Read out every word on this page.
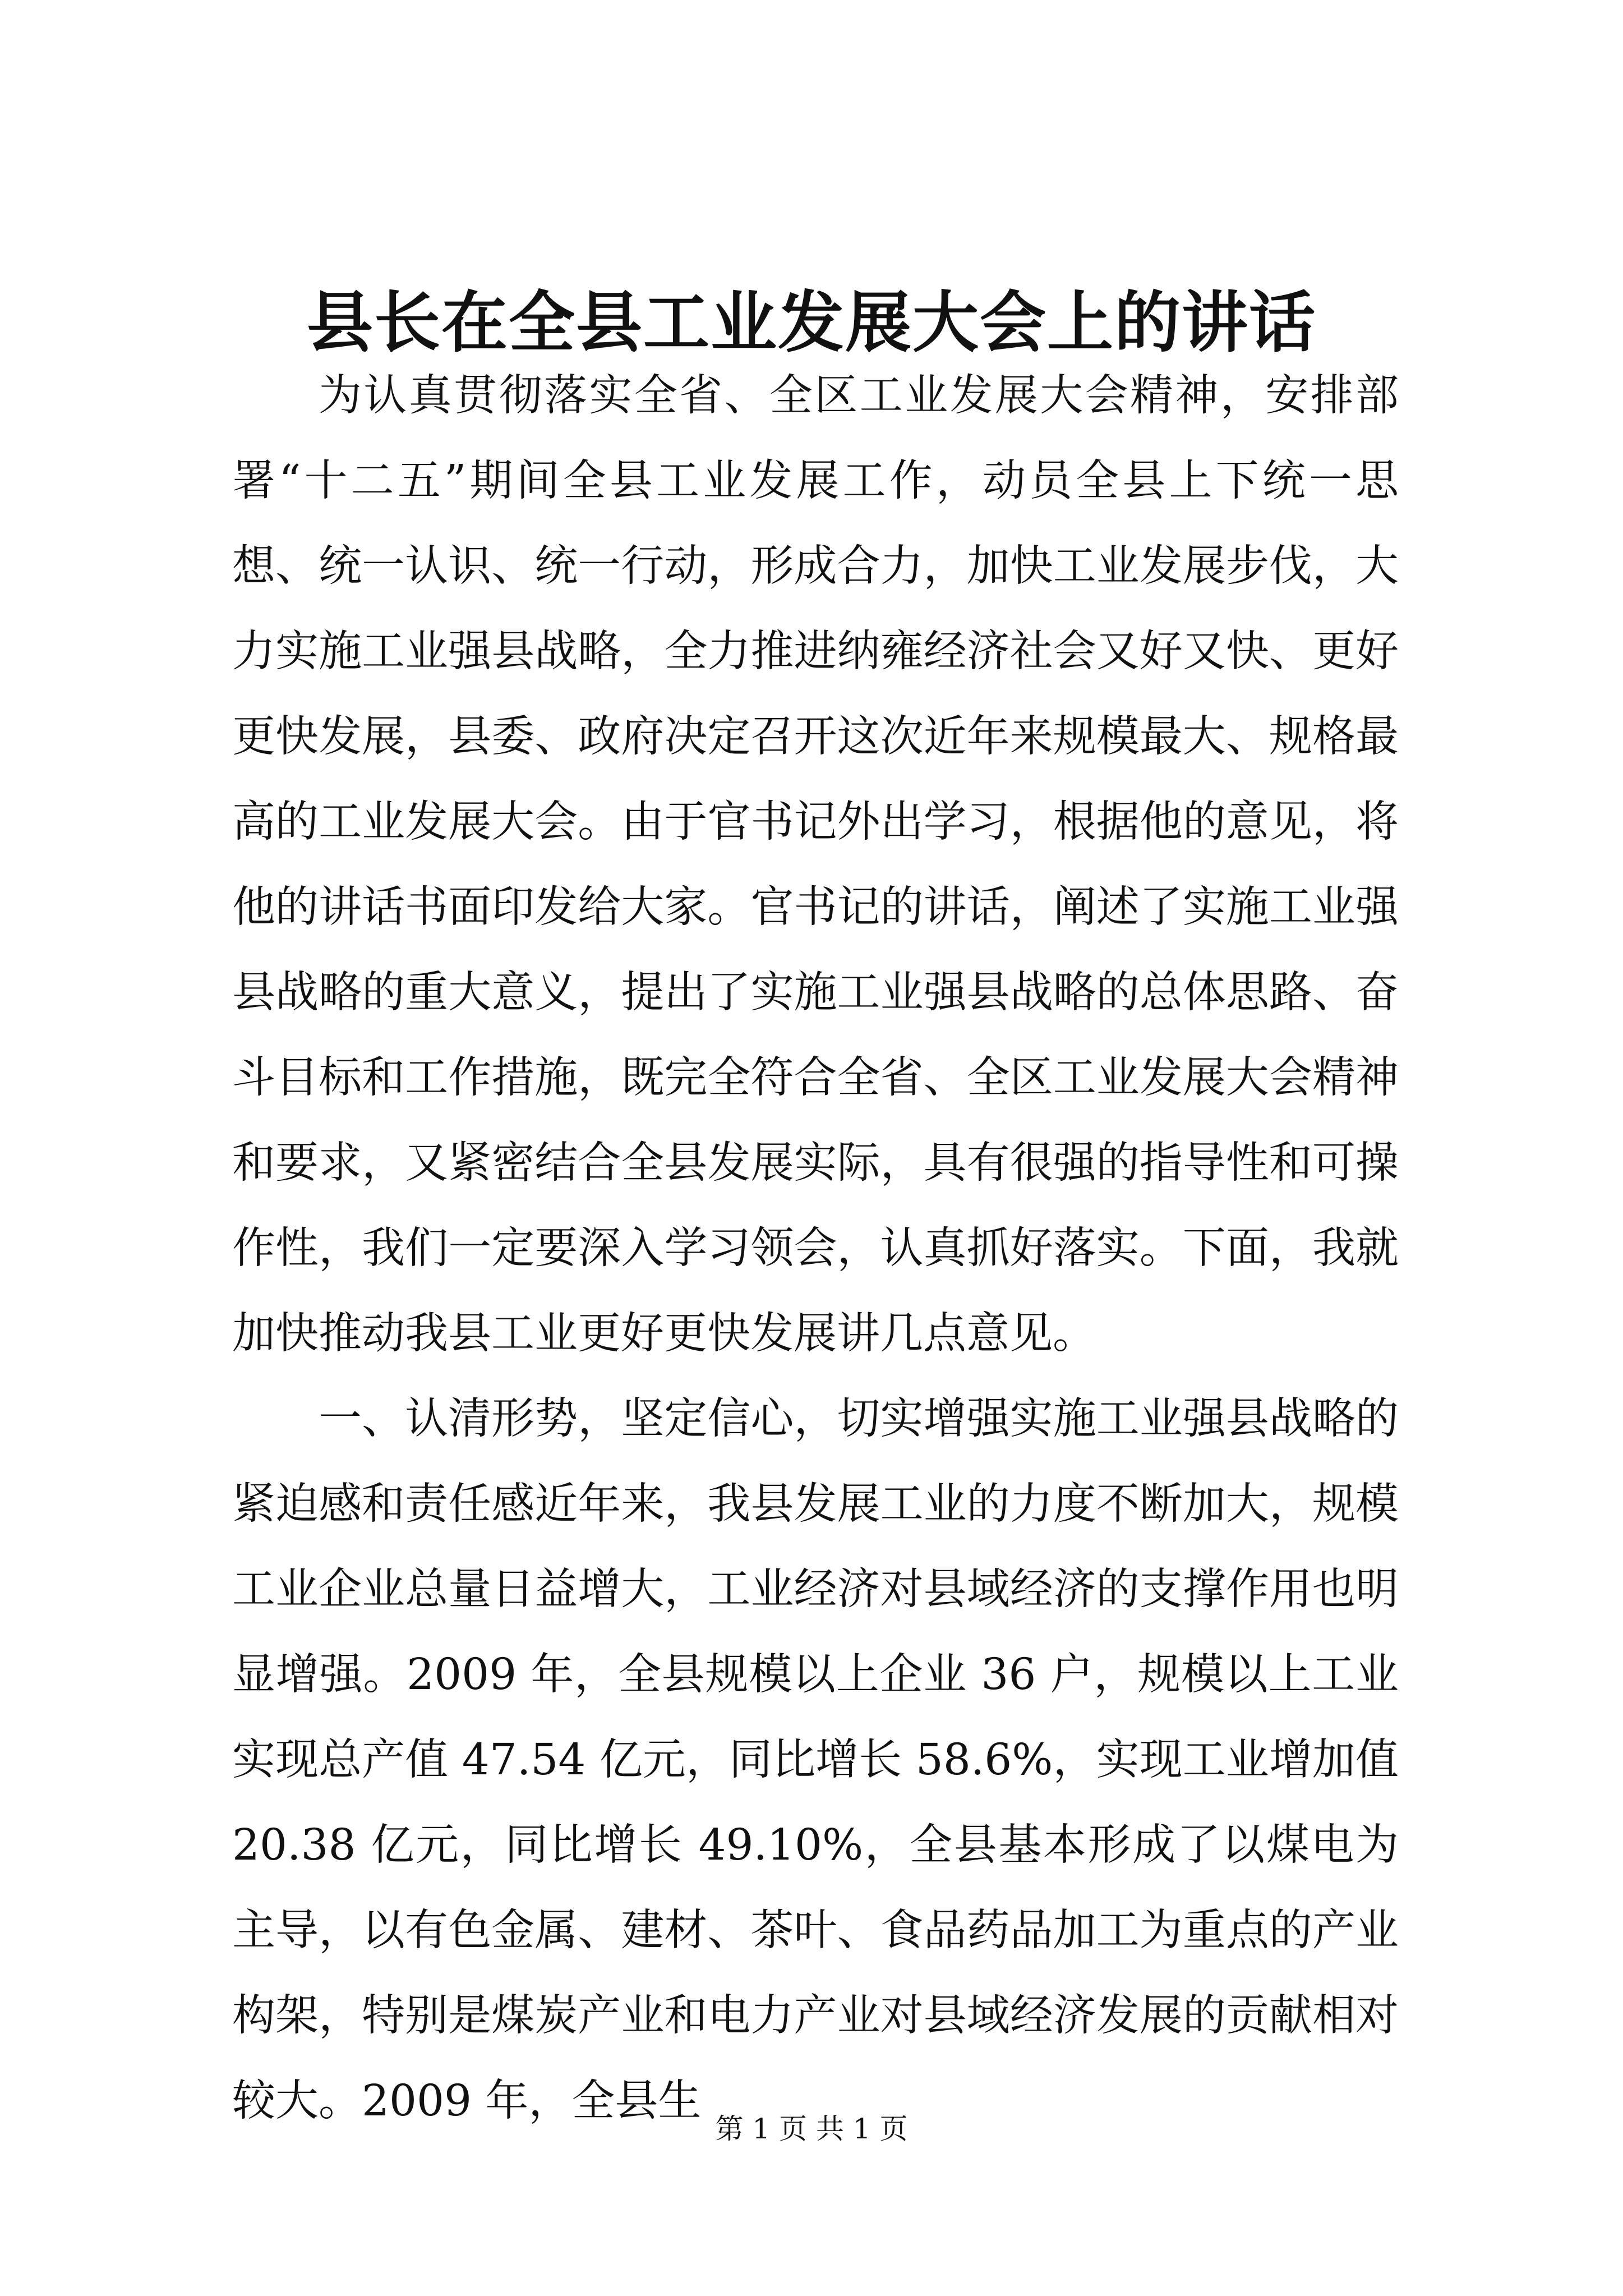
县长在全县工业发展大会上的讲话

为认真贯彻落实全省、全区工业发展大会精神，安排部署“十二五”期间全县工业发展工作，动员全县上下统一思想、统一认识、统一行动，形成合力，加快工业发展步伐，大力实施工业强县战略，全力推进纳雍经济社会又好又快、更好更快发展，县委、政府决定召开这次近年来规模最大、规格最高的工业发展大会。由于官书记外出学习，根据他的意见，将他的讲话书面印发给大家。官书记的讲话，阐述了实施工业强县战略的重大意义，提出了实施工业强县战略的总体思路、奋斗目标和工作措施，既完全符合全省、全区工业发展大会精神和要求，又紧密结合全县发展实际，具有很强的指导性和可操作性，我们一定要深入学习领会，认真抓好落实。下面，我就加快推动我县工业更好更快发展讲几点意见。

一、认清形势，坚定信心，切实增强实施工业强县战略的紧迫感和责任感近年来，我县发展工业的力度不断加大，规模工业企业总量日益增大，工业经济对县域经济的支撑作用也明显增强。2009 年，全县规模以上企业 36 户，规模以上工业实现总产值 47.54 亿元，同比增长 58.6%，实现工业增加值 20.38 亿元，同比增长 49.10%，全县基本形成了以煤电为主导，以有色金属、建材、茶叶、食品药品加工为重点的产业构架，特别是煤炭产业和电力产业对县域经济发展的贡献相对较大。2009 年，全县生

第 1 页 共 1 页
